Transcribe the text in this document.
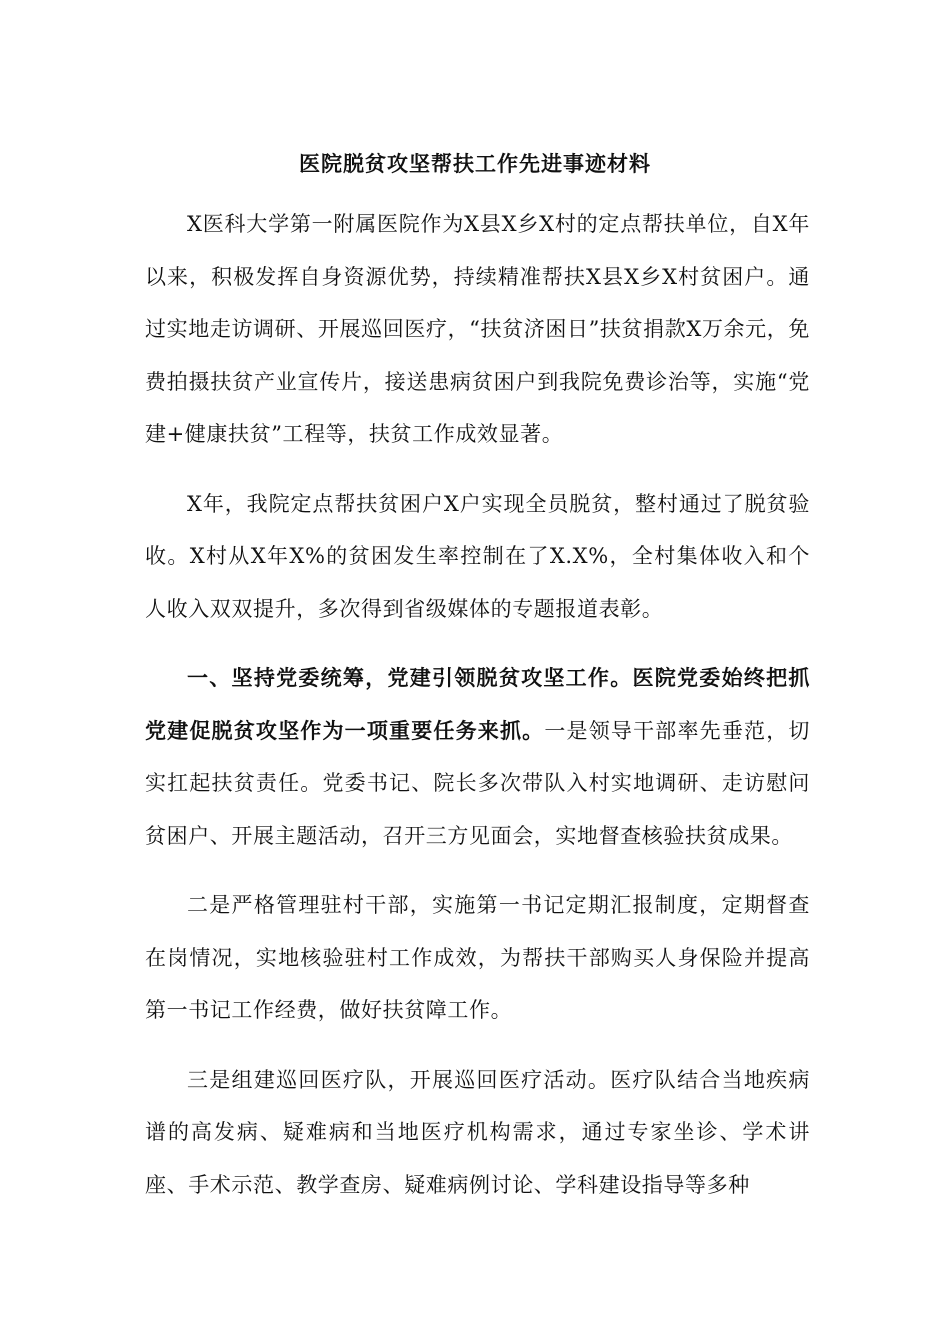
医院脱贫攻坚帮扶工作先进事迹材料

X医科大学第一附属医院作为X县X乡X村的定点帮扶单位，自X年以来，积极发挥自身资源优势，持续精准帮扶X县X乡X村贫困户。通过实地走访调研、开展巡回医疗，“扶贫济困日”扶贫捐款X万余元，免费拍摄扶贫产业宣传片，接送患病贫困户到我院免费诊治等，实施“党建+健康扶贫”工程等，扶贫工作成效显著。

X年，我院定点帮扶贫困户X户实现全员脱贫，整村通过了脱贫验收。X村从X年X%的贫困发生率控制在了X.X%，全村集体收入和个人收入双双提升，多次得到省级媒体的专题报道表彰。

一、坚持党委统筹，党建引领脱贫攻坚工作。医院党委始终把抓党建促脱贫攻坚作为一项重要任务来抓。一是领导干部率先垂范，切实扛起扶贫责任。党委书记、院长多次带队入村实地调研、走访慰问贫困户、开展主题活动，召开三方见面会，实地督查核验扶贫成果。

二是严格管理驻村干部，实施第一书记定期汇报制度，定期督查在岗情况，实地核验驻村工作成效，为帮扶干部购买人身保险并提高第一书记工作经费，做好扶贫障工作。

三是组建巡回医疗队，开展巡回医疗活动。医疗队结合当地疾病谱的高发病、疑难病和当地医疗机构需求，通过专家坐诊、学术讲座、手术示范、教学查房、疑难病例讨论、学科建设指导等多种
